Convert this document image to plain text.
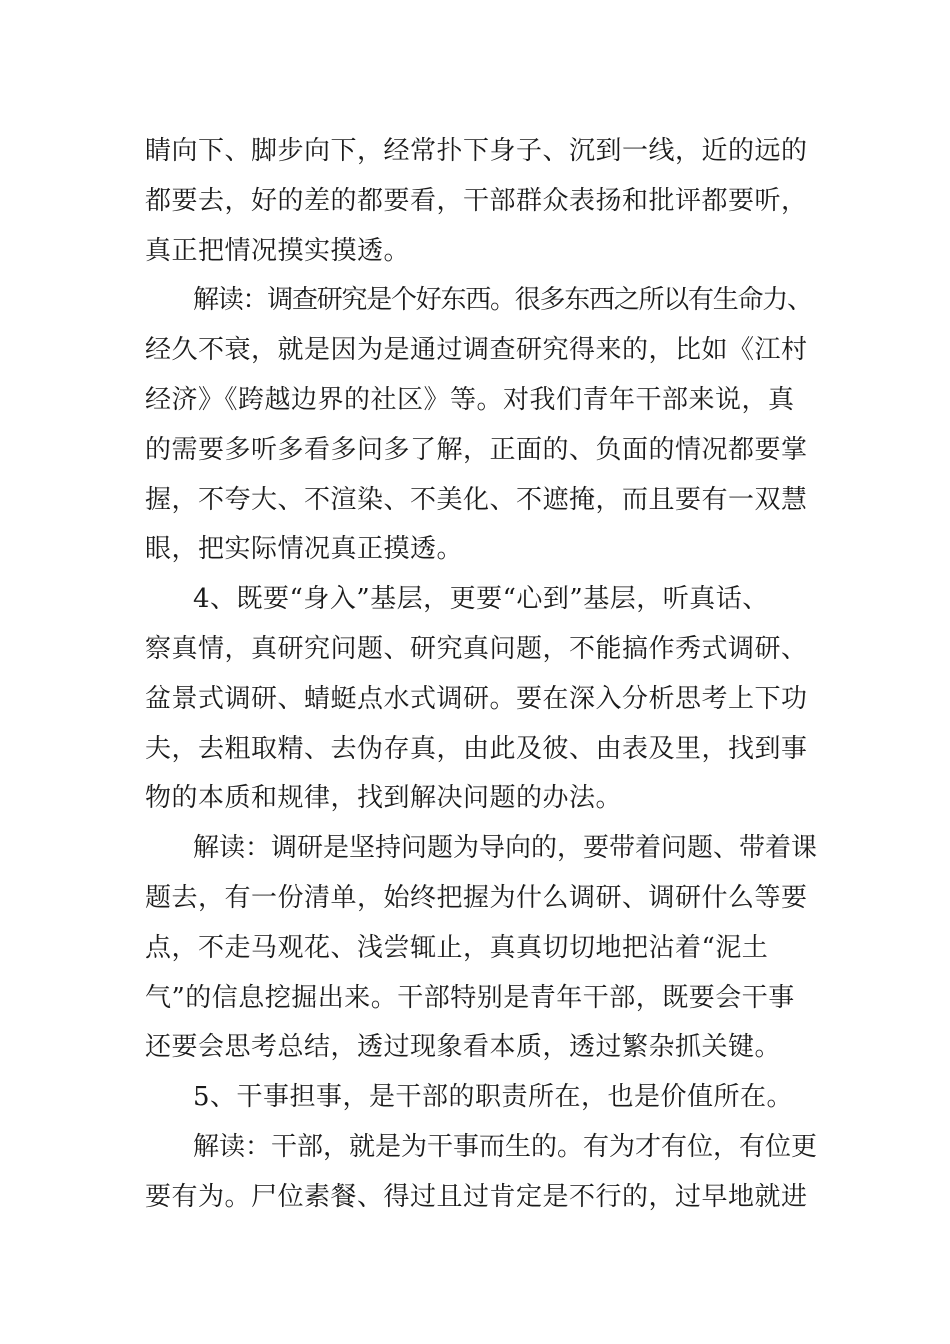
睛向下、脚步向下，经常扑下身子、沉到一线，近的远的
都要去，好的差的都要看，干部群众表扬和批评都要听，
真正把情况摸实摸透。
解读：调查研究是个好东西。很多东西之所以有生命力、
经久不衰，就是因为是通过调查研究得来的，比如《江村
经济》《跨越边界的社区》等。对我们青年干部来说，真
的需要多听多看多问多了解，正面的、负面的情况都要掌
握，不夸大、不渲染、不美化、不遮掩，而且要有一双慧
眼，把实际情况真正摸透。
4、既要“身入”基层，更要“心到”基层，听真话、
察真情，真研究问题、研究真问题，不能搞作秀式调研、
盆景式调研、蜻蜓点水式调研。要在深入分析思考上下功
夫，去粗取精、去伪存真，由此及彼、由表及里，找到事
物的本质和规律，找到解决问题的办法。
解读：调研是坚持问题为导向的，要带着问题、带着课
题去，有一份清单，始终把握为什么调研、调研什么等要
点，不走马观花、浅尝辄止，真真切切地把沾着“泥土
气”的信息挖掘出来。干部特别是青年干部，既要会干事
还要会思考总结，透过现象看本质，透过繁杂抓关键。
5、干事担事，是干部的职责所在，也是价值所在。
解读：干部，就是为干事而生的。有为才有位，有位更
要有为。尸位素餐、得过且过肯定是不行的，过早地就进
